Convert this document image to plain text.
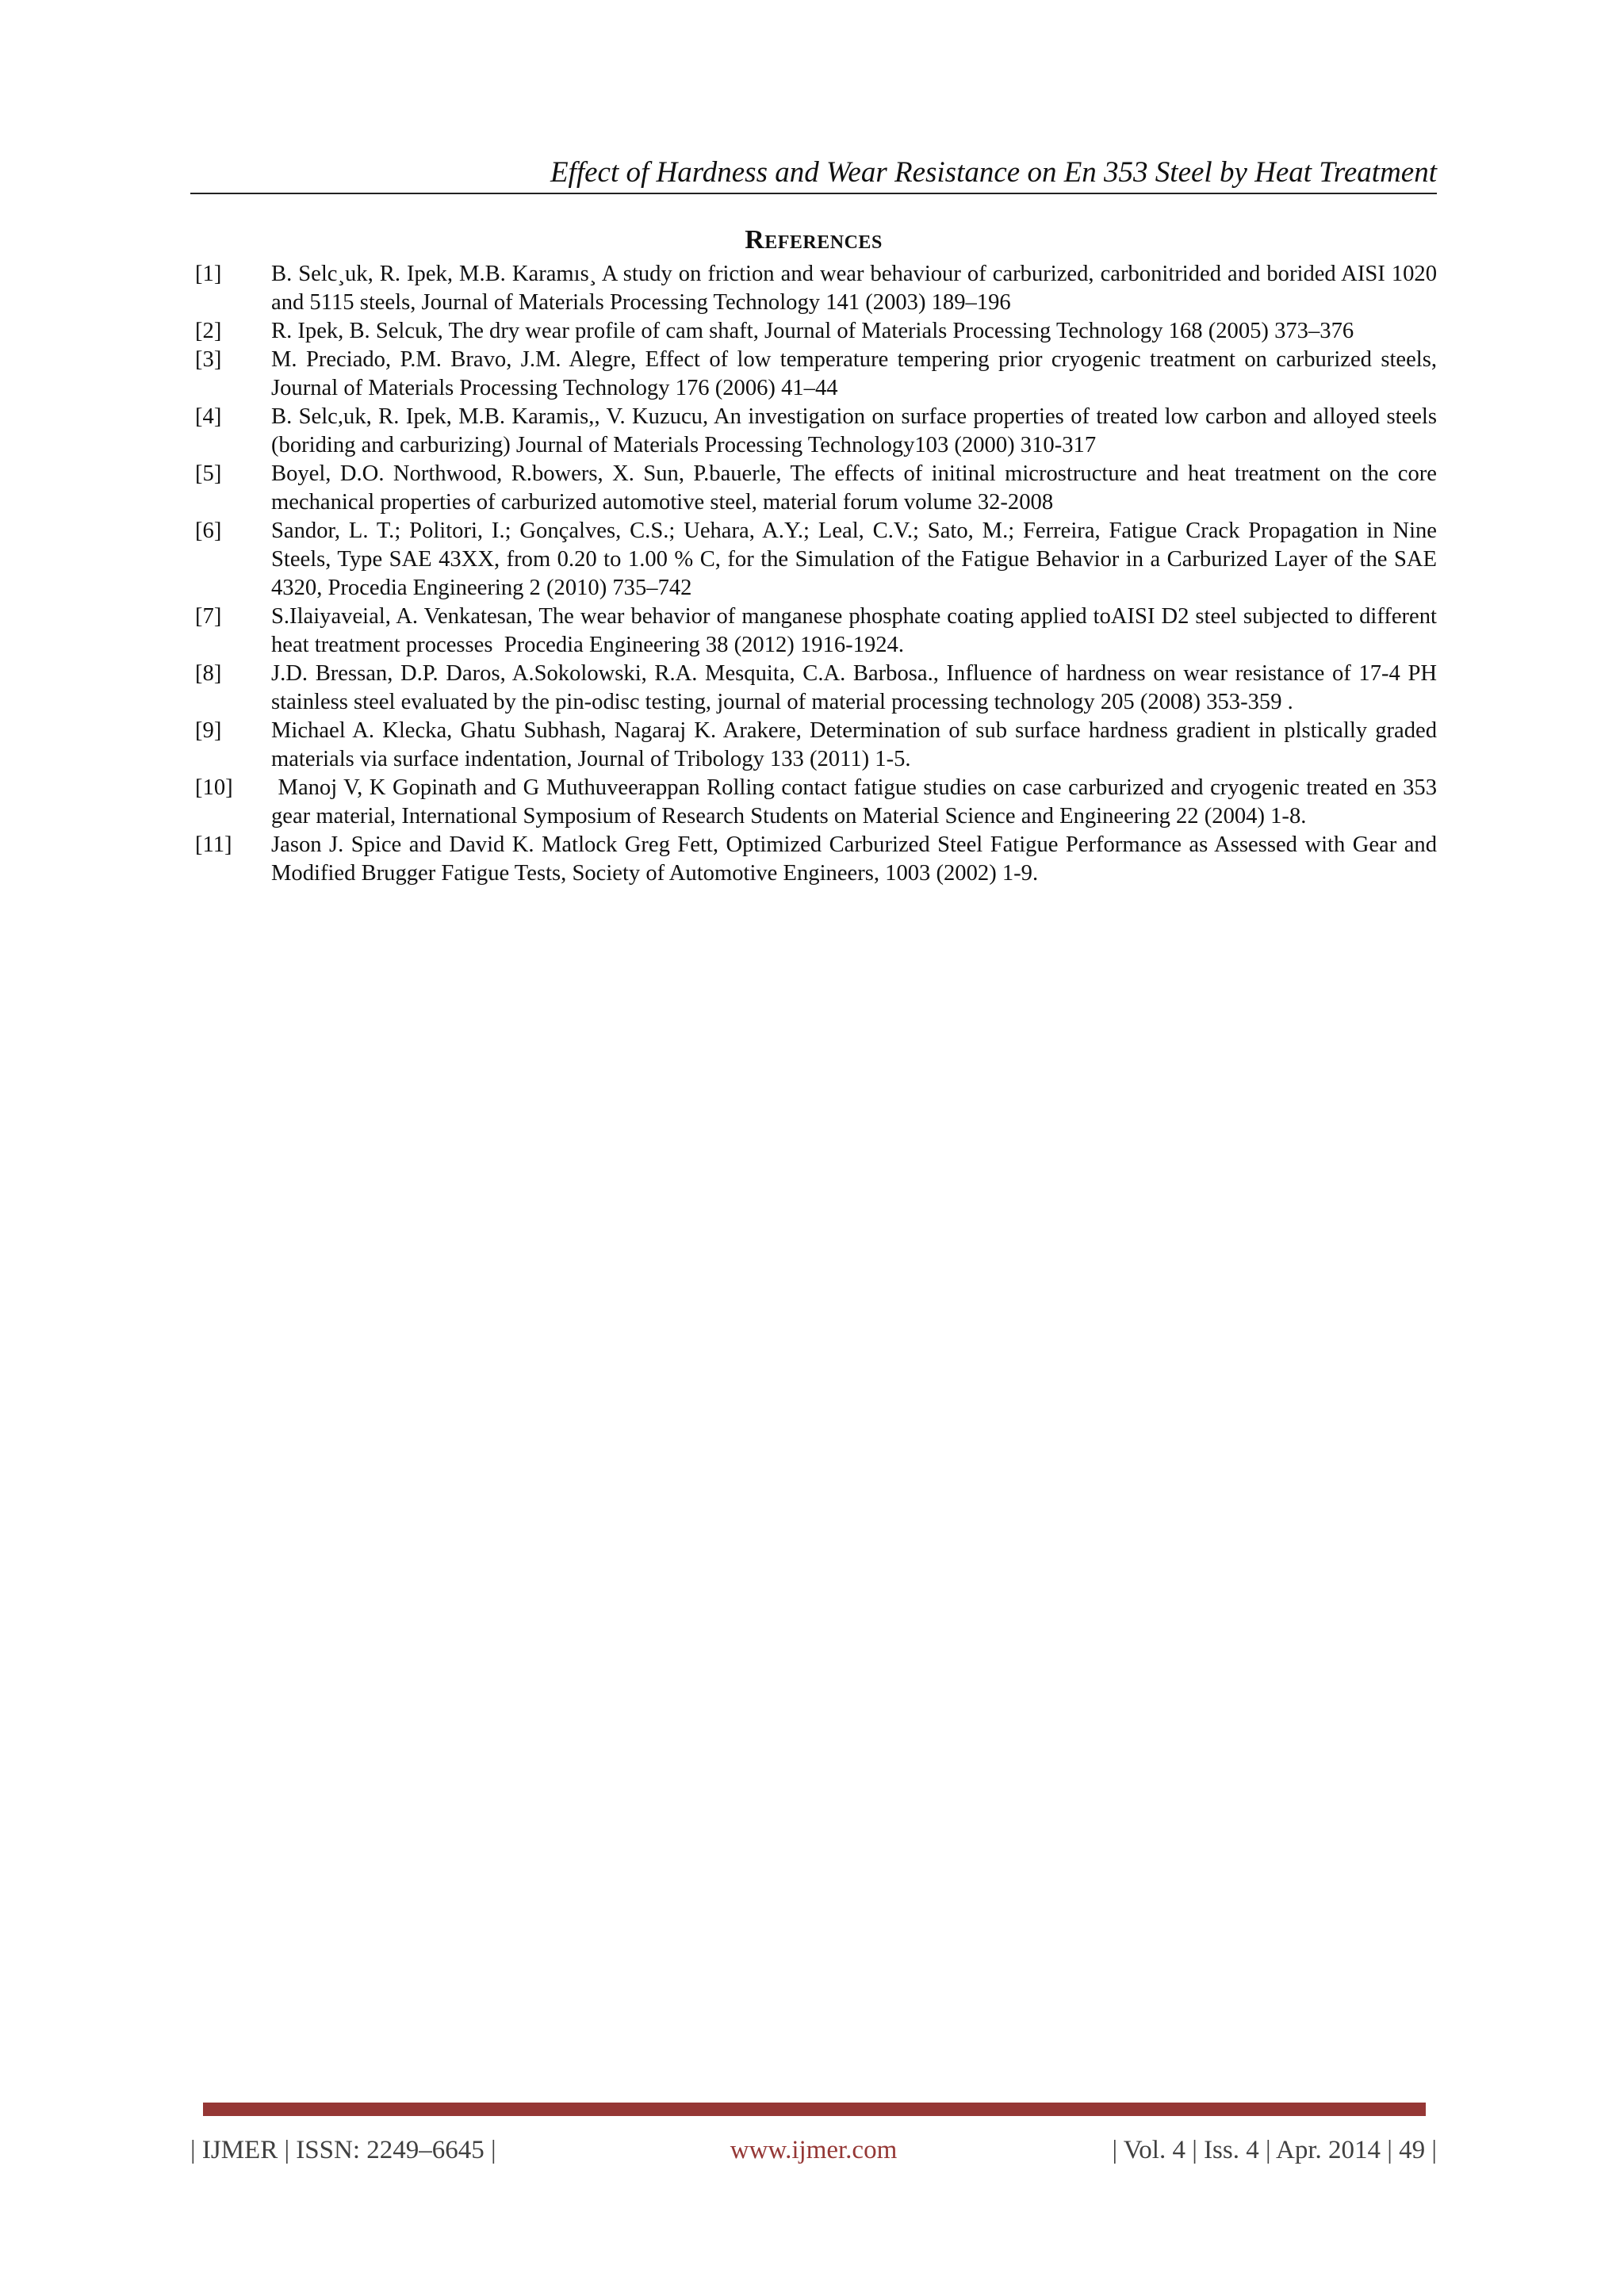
Effect of Hardness and Wear Resistance on En 353 Steel by Heat Treatment
References
[1]	B. Selc¸uk, R. Ipek, M.B. Karamıs¸ A study on friction and wear behaviour of carburized, carbonitrided and borided AISI 1020 and 5115 steels, Journal of Materials Processing Technology 141 (2003) 189–196
[2]	R. Ipek, B. Selcuk, The dry wear profile of cam shaft, Journal of Materials Processing Technology 168 (2005) 373–376
[3]	M. Preciado, P.M. Bravo, J.M. Alegre, Effect of low temperature tempering prior cryogenic treatment on carburized steels, Journal of Materials Processing Technology 176 (2006) 41–44
[4]	B. Selc,uk, R. Ipek, M.B. Karamis,, V. Kuzucu, An investigation on surface properties of treated low carbon and alloyed steels (boriding and carburizing) Journal of Materials Processing Technology103 (2000) 310-317
[5]	Boyel, D.O. Northwood, R.bowers, X. Sun, P.bauerle, The effects of initinal microstructure and heat treatment on the core mechanical properties of carburized automotive steel, material forum volume 32-2008
[6]	Sandor, L. T.; Politori, I.; Gonçalves, C.S.; Uehara, A.Y.; Leal, C.V.; Sato, M.; Ferreira, Fatigue Crack Propagation in Nine Steels, Type SAE 43XX, from 0.20 to 1.00 % C, for the Simulation of the Fatigue Behavior in a Carburized Layer of the SAE 4320, Procedia Engineering 2 (2010) 735–742
[7]	S.Ilaiyaveial, A. Venkatesan, The wear behavior of manganese phosphate coating applied toAISI D2 steel subjected to different heat treatment processes  Procedia Engineering 38 (2012) 1916-1924.
[8]	J.D. Bressan, D.P. Daros, A.Sokolowski, R.A. Mesquita, C.A. Barbosa., Influence of hardness on wear resistance of 17-4 PH stainless steel evaluated by the pin-odisc testing, journal of material processing technology 205 (2008) 353-359 .
[9]	Michael A. Klecka, Ghatu Subhash, Nagaraj K. Arakere, Determination of sub surface hardness gradient in plstically graded materials via surface indentation, Journal of Tribology 133 (2011) 1-5.
[10]	Manoj V, K Gopinath and G Muthuveerappan Rolling contact fatigue studies on case carburized and cryogenic treated en 353 gear material, International Symposium of Research Students on Material Science and Engineering 22 (2004) 1-8.
[11]	Jason J. Spice and David K. Matlock Greg Fett, Optimized Carburized Steel Fatigue Performance as Assessed with Gear and Modified Brugger Fatigue Tests, Society of Automotive Engineers, 1003 (2002) 1-9.
| IJMER | ISSN: 2249–6645 |	www.ijmer.com	| Vol. 4 | Iss. 4 | Apr. 2014 | 49 |
